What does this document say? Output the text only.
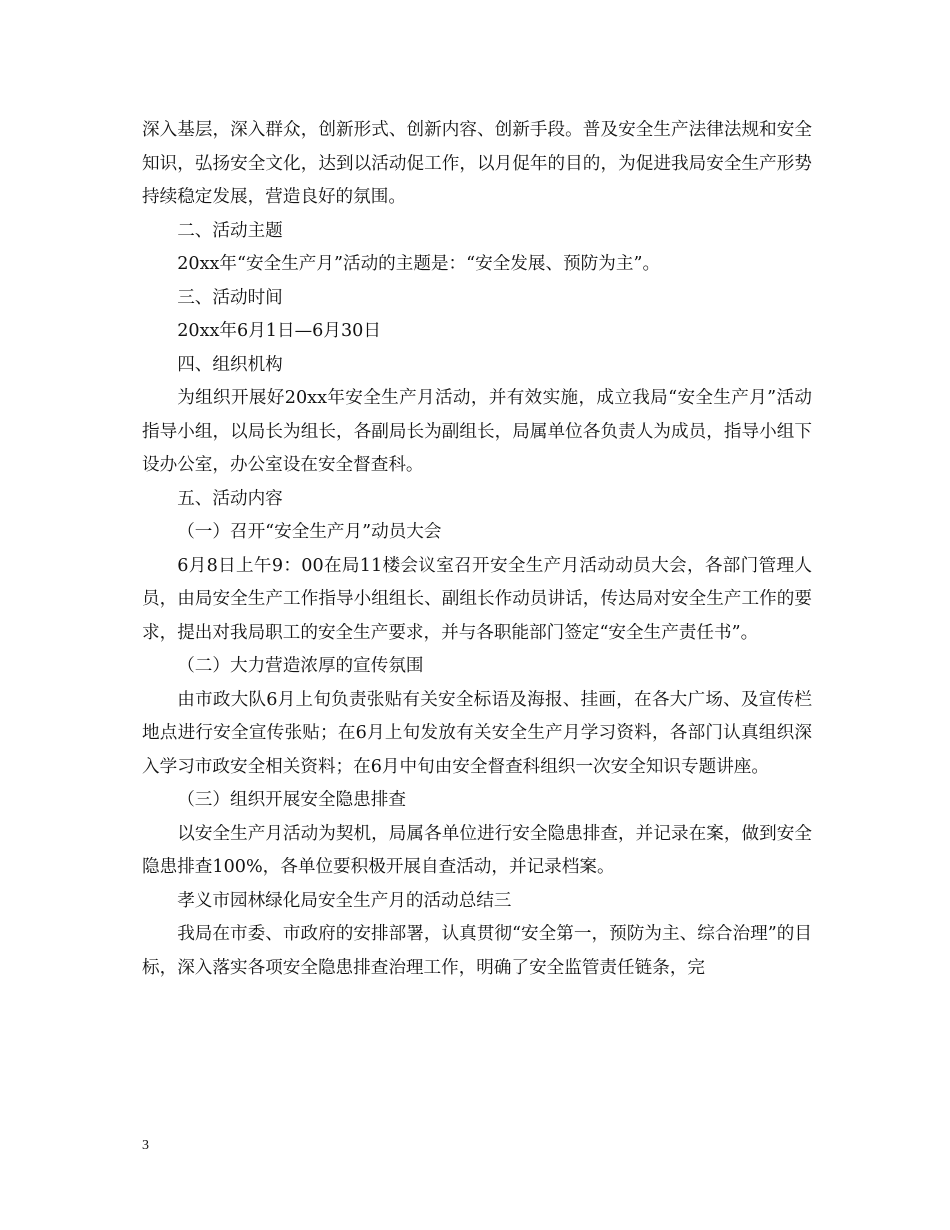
深入基层，深入群众，创新形式、创新内容、创新手段。普及安全生产法律法规和安全知识，弘扬安全文化，达到以活动促工作，以月促年的目的，为促进我局安全生产形势持续稳定发展，营造良好的氛围。

二、活动主题

20xx年“安全生产月”活动的主题是：“安全发展、预防为主”。

三、活动时间

20xx年6月1日—6月30日

四、组织机构

为组织开展好20xx年安全生产月活动，并有效实施，成立我局“安全生产月”活动指导小组，以局长为组长，各副局长为副组长，局属单位各负责人为成员，指导小组下设办公室，办公室设在安全督查科。

五、活动内容

（一）召开“安全生产月”动员大会

6月8日上午9：00在局11楼会议室召开安全生产月活动动员大会，各部门管理人员，由局安全生产工作指导小组组长、副组长作动员讲话，传达局对安全生产工作的要求，提出对我局职工的安全生产要求，并与各职能部门签定“安全生产责任书”。

（二）大力营造浓厚的宣传氛围

由市政大队6月上旬负责张贴有关安全标语及海报、挂画，在各大广场、及宣传栏地点进行安全宣传张贴；在6月上旬发放有关安全生产月学习资料，各部门认真组织深入学习市政安全相关资料；在6月中旬由安全督查科组织一次安全知识专题讲座。

（三）组织开展安全隐患排查

以安全生产月活动为契机，局属各单位进行安全隐患排查，并记录在案，做到安全隐患排查100%，各单位要积极开展自查活动，并记录档案。

孝义市园林绿化局安全生产月的活动总结三

我局在市委、市政府的安排部署，认真贯彻“安全第一，预防为主、综合治理”的目标，深入落实各项安全隐患排查治理工作，明确了安全监管责任链条，完

3
